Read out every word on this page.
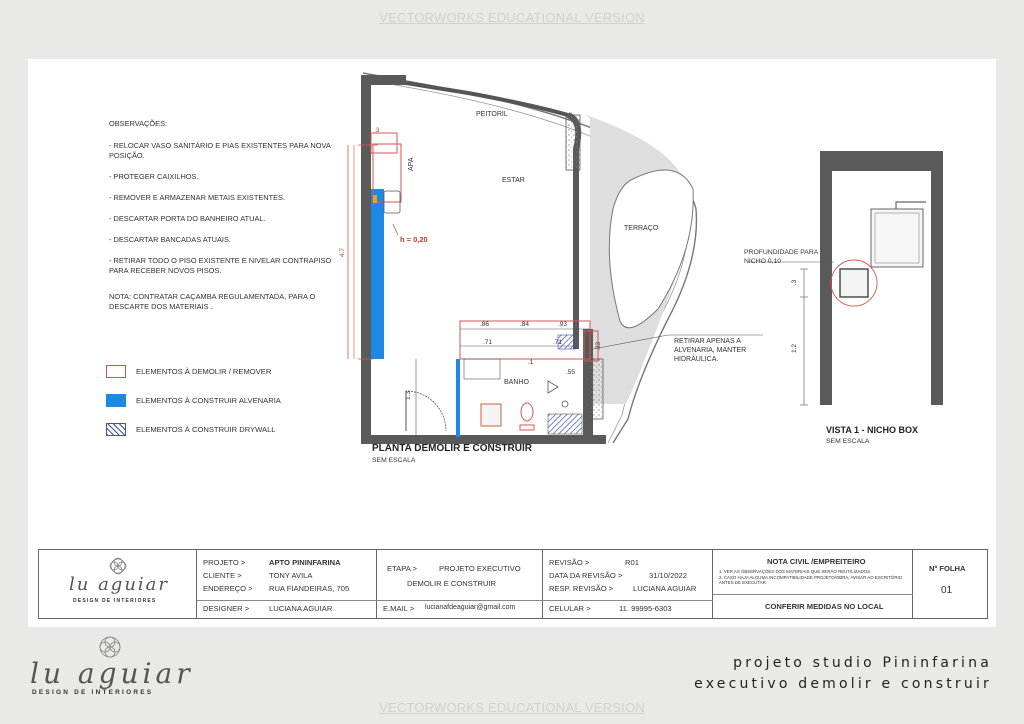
VECTORWORKS EDUCATIONAL VERSION
VECTORWORKS EDUCATIONAL VERSION
OBSERVAÇÕES:
- RELOCAR VASO SANITÁRIO E PIAS EXISTENTES PARA NOVA POSIÇÃO.
- PROTEGER CAIXILHOS.
- REMOVER E ARMAZENAR METAIS EXISTENTES.
- DESCARTAR PORTA DO BANHEIRO ATUAL.
- DESCARTAR BANCADAS ATUAIS.
- RETIRAR TODO O PISO EXISTENTE E NIVELAR CONTRAPISO PARA RECEBER NOVOS PISOS.
NOTA: CONTRATAR CAÇAMBA REGULAMENTADA, PARA O DESCARTE DOS MATERIAIS .
ELEMENTOS À DEMOLIR / REMOVER
ELEMENTOS À CONSTRUIR ALVENARIA
ELEMENTOS À CONSTRUIR DRYWALL
PEITORIL
APA
ESTAR
TERRAÇO
BANHO
h = 0,20
RETIRAR APENAS A ALVENARIA, MANTER HIDRÁULICA.
.3
4.7
1.3
.86	.84	.93
.71	.71
.55
.33
.1
PLANTA DEMOLIR E CONSTRUIR
SEM ESCALA
PROFUNDIDADE PARA NICHO 0,10
.3
1.2
VISTA 1 - NICHO BOX
SEM ESCALA
lu aguiar
DESIGN DE INTERIORES
PROJETO >	APTO PININFARINA
CLIENTE >	TONY AVILA
ENDEREÇO > RUA FIANDEIRAS, 705
DESIGNER >	LUCIANA AGUIAR
ETAPA >	PROJETO EXECUTIVO
DEMOLIR E CONSTRUIR
E.MAIL > lucianafdeaguiar@gmail.com
REVISÃO >	R01
DATA DA REVISÃO >	31/10/2022
RESP. REVISÃO >	LUCIANA AGUIAR
CELULAR >	11. 99995-6303
NOTA CIVIL /EMPREITEIRO
1. VER AS OBSERVAÇÕES DOS MATERIAIS QUE SERÃO REUTILIZADOS.
2. CASO HAJA ALGUMA INCOMPATIBILIDADE PROJETO/OBRA, AVISAR AO ESCRITÓRIO ANTES DE EXECUTAR.
CONFERIR MEDIDAS NO LOCAL
Nº FOLHA
01
lu aguiar
DESIGN DE INTERIORES
projeto studio Pininfarina
executivo demolir e construir
